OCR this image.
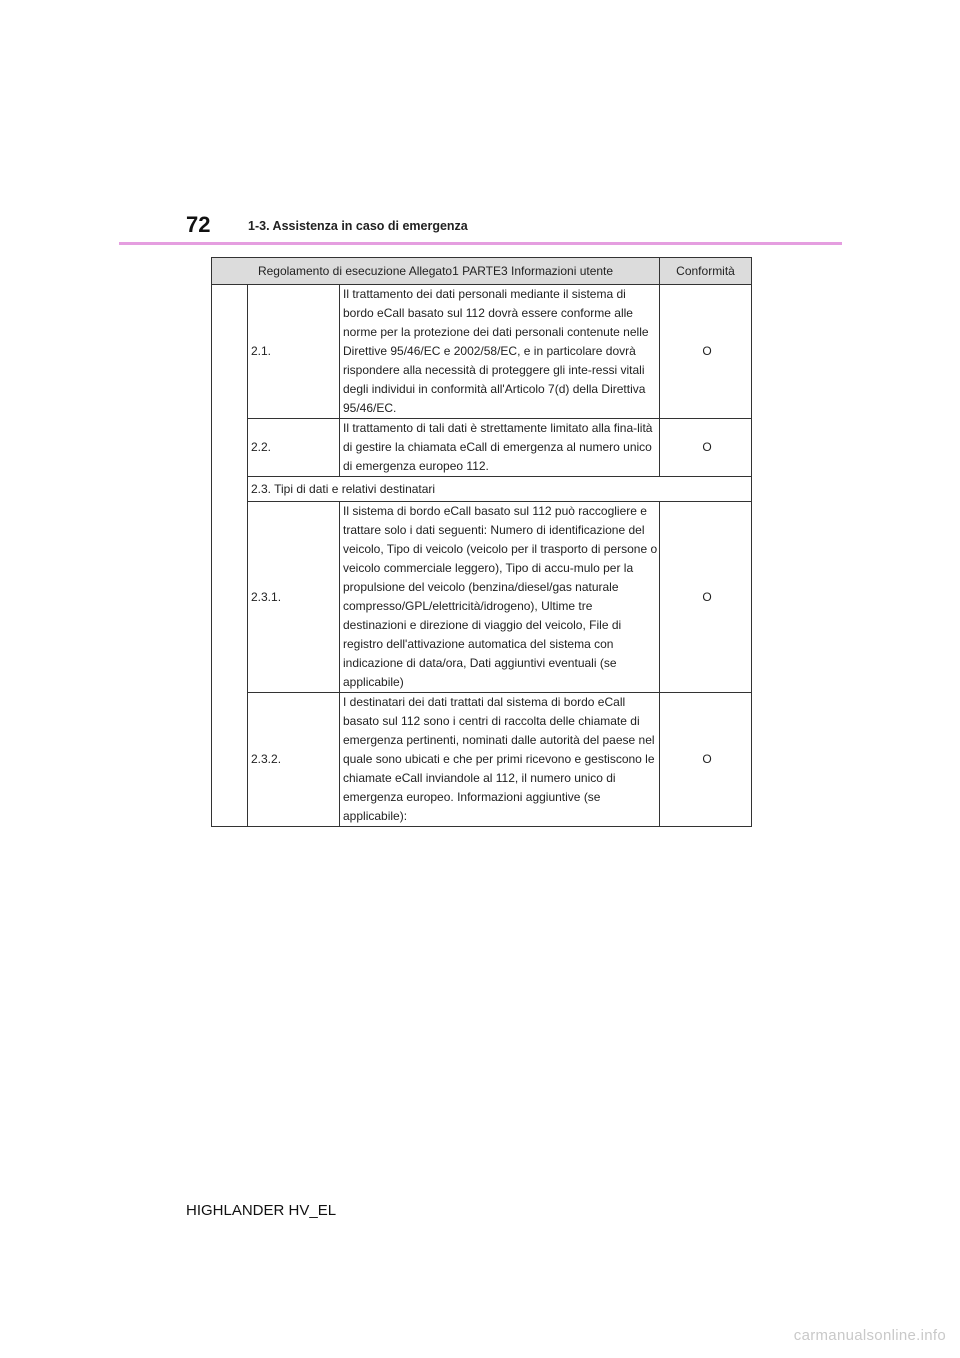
72	1-3. Assistenza in caso di emergenza
Regolamento di esecuzione Allegato1 PARTE3 Informazioni utente			Conformità
	2.1.	Il trattamento dei dati personali mediante il sistema di bordo eCall basato sul 112 dovrà essere conforme alle norme per la protezione dei dati personali contenute nelle Direttive 95/46/EC e 2002/58/EC, e in particolare dovrà rispondere alla necessità di proteggere gli inte-ressi vitali degli individui in conformità all'Articolo 7(d) della Direttiva 95/46/EC.	O
	2.2.	Il trattamento di tali dati è strettamente limitato alla fina-lità di gestire la chiamata eCall di emergenza al numero unico di emergenza europeo 112.	O
	2.3. Tipi di dati e relativi destinatari		
	2.3.1.	Il sistema di bordo eCall basato sul 112 può raccogliere e trattare solo i dati seguenti: Numero di identificazione del veicolo, Tipo di veicolo (veicolo per il trasporto di persone o veicolo commerciale leggero), Tipo di accu-mulo per la propulsione del veicolo (benzina/diesel/gas naturale compresso/GPL/elettricità/idrogeno), Ultime tre destinazioni e direzione di viaggio del veicolo, File di registro dell'attivazione automatica del sistema con indicazione di data/ora, Dati aggiuntivi eventuali (se applicabile)	O
	2.3.2.	I destinatari dei dati trattati dal sistema di bordo eCall basato sul 112 sono i centri di raccolta delle chiamate di emergenza pertinenti, nominati dalle autorità del paese nel quale sono ubicati e che per primi ricevono e gestiscono le chiamate eCall inviandole al 112, il numero unico di emergenza europeo. Informazioni aggiuntive (se applicabile):	O
HIGHLANDER HV_EL
carmanualsonline.info
